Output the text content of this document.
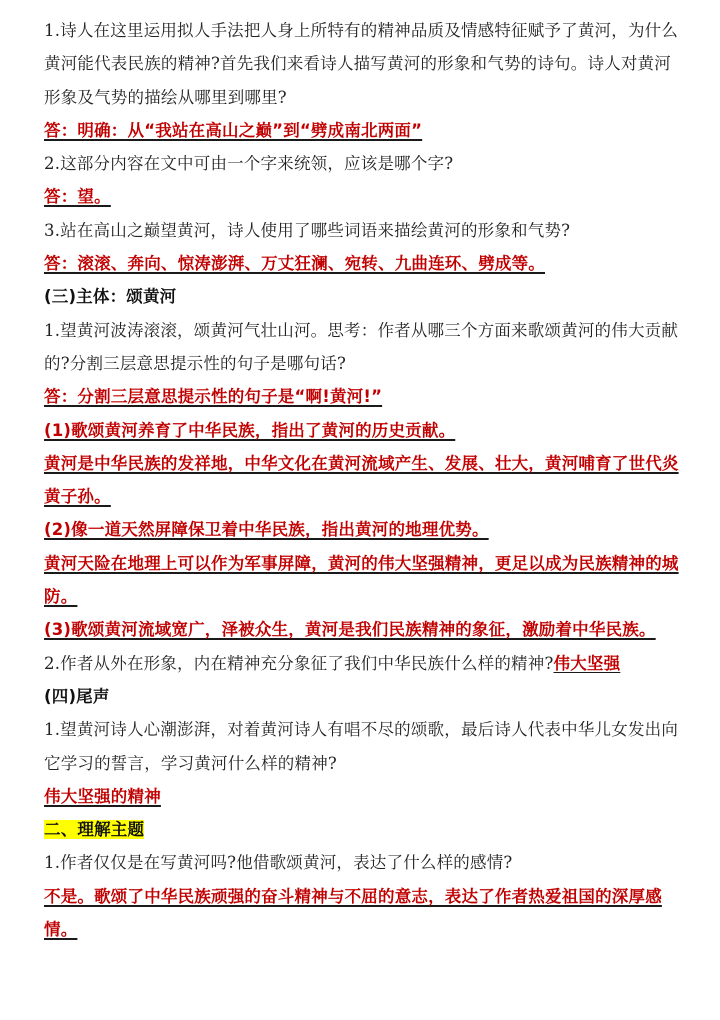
1.诗人在这里运用拟人手法把人身上所特有的精神品质及情感特征赋予了黄河，为什么黄河能代表民族的精神?首先我们来看诗人描写黄河的形象和气势的诗句。诗人对黄河形象及气势的描绘从哪里到哪里?
答：明确：从“我站在高山之巅”到“劈成南北两面”
2.这部分内容在文中可由一个字来统领，应该是哪个字?
答：望。
3.站在高山之巅望黄河，诗人使用了哪些词语来描绘黄河的形象和气势?
答：滚滚、奔向、惊涛澎湃、万丈狂澜、宛转、九曲连环、劈成等。
(三)主体：颂黄河
1.望黄河波涛滚滚，颂黄河气壮山河。思考：作者从哪三个方面来歌颂黄河的伟大贡献的?分割三层意思提示性的句子是哪句话?
答：分割三层意思提示性的句子是“啊!黄河!”
(1)歌颂黄河养育了中华民族，指出了黄河的历史贡献。
黄河是中华民族的发祥地，中华文化在黄河流域产生、发展、壮大，黄河哺育了世代炎黄子孙。
(2)像一道天然屏障保卫着中华民族，指出黄河的地理优势。
黄河天险在地理上可以作为军事屏障，黄河的伟大坚强精神，更足以成为民族精神的城防。
(3)歌颂黄河流域宽广，泽被众生，黄河是我们民族精神的象征，激励着中华民族。
2.作者从外在形象，内在精神充分象征了我们中华民族什么样的精神?伟大坚强
(四)尾声
1.望黄河诗人心潮澎湃，对着黄河诗人有唱不尽的颂歌，最后诗人代表中华儿女发出向它学习的誓言，学习黄河什么样的精神?
伟大坚强的精神
二、理解主题
1.作者仅仅是在写黄河吗?他借歌颂黄河，表达了什么样的感情?
不是。歌颂了中华民族顽强的奋斗精神与不屈的意志，表达了作者热爱祖国的深厚感情。
